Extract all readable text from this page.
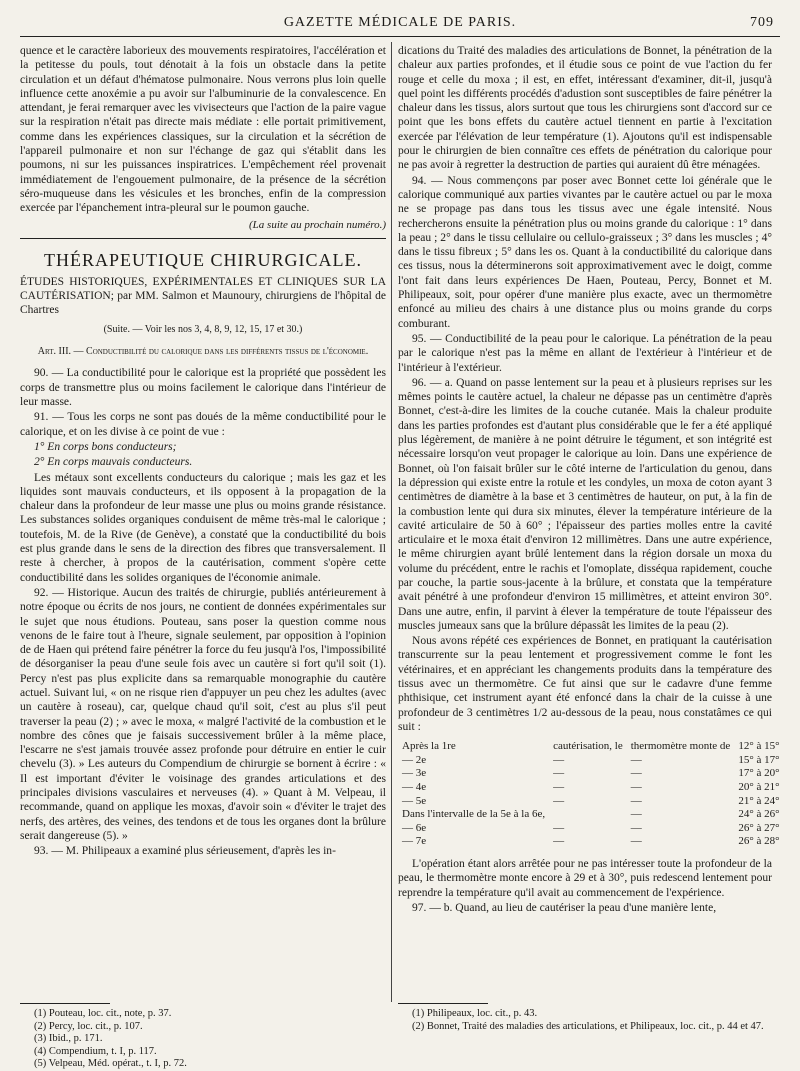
GAZETTE MÉDICALE DE PARIS.	709

quence et le caractère laborieux des mouvements respiratoires, l'accélération et la petitesse du pouls, tout dénotait à la fois un obstacle dans la petite circulation et un défaut d'hématose pulmonaire. Nous verrons plus loin quelle influence cette anoxémie a pu avoir sur l'albuminurie de la convalescence. En attendant, je ferai remarquer avec les vivisecteurs que l'action de la paire vague sur la respiration n'était pas directe mais médiate : elle portait primitivement, comme dans les expériences classiques, sur la circulation et la sécrétion de l'appareil pulmonaire et non sur l'échange de gaz qui s'établit dans les poumons, ni sur les puissances inspiratrices. L'empêchement réel provenait immédiatement de l'engouement pulmonaire, de la présence de la sécrétion séro-muqueuse dans les vésicules et les bronches, enfin de la compression exercée par l'épanchement intra-pleural sur le poumon gauche.

(La suite au prochain numéro.)
THÉRAPEUTIQUE CHIRURGICALE.
ÉTUDES HISTORIQUES, EXPÉRIMENTALES ET CLINIQUES SUR LA CAUTÉRISATION; par MM. Salmon et Maunoury, chirurgiens de l'hôpital de Chartres
(Suite. — Voir les nos 3, 4, 8, 9, 12, 15, 17 et 30.)
Art. III. — Conductibilité du calorique dans les différents tissus de l'économie.

90. — La conductibilité pour le calorique est la propriété que possèdent les corps de transmettre plus ou moins facilement le calorique dans l'intérieur de leur masse.

91. — Tous les corps ne sont pas doués de la même conductibilité pour le calorique, et on les divise à ce point de vue :

1° En corps bons conducteurs;

2° En corps mauvais conducteurs.

Les métaux sont excellents conducteurs du calorique ; mais les gaz et les liquides sont mauvais conducteurs, et ils opposent à la propagation de la chaleur dans la profondeur de leur masse une plus ou moins grande résistance. Les substances solides organiques conduisent de même très-mal le calorique ; toutefois, M. de la Rive (de Genève), a constaté que la conductibilité du bois est plus grande dans le sens de la direction des fibres que transversalement. Il reste à chercher, à propos de la cautérisation, comment s'opère cette conductibilité dans les solides organiques de l'économie animale.

92. — Historique. Aucun des traités de chirurgie, publiés antérieurement à notre époque ou écrits de nos jours, ne contient de données expérimentales sur le sujet que nous étudions. Pouteau, sans poser la question comme nous venons de le faire tout à l'heure, signale seulement, par opposition à l'opinion de de Haen qui prétend faire pénétrer la force du feu jusqu'à l'os, l'impossibilité de désorganiser la peau d'une seule fois avec un cautère si fort qu'il soit (1). Percy n'est pas plus explicite dans sa remarquable monographie du cautère actuel. Suivant lui, « on ne risque rien d'appuyer un peu chez les adultes (avec un cautère à roseau), car, quelque chaud qu'il soit, c'est au plus s'il peut traverser la peau (2) ; » avec le moxa, « malgré l'activité de la combustion et le nombre des cônes que je faisais successivement brûler à la même place, l'escarre ne s'est jamais trouvée assez profonde pour détruire en entier le cuir chevelu (3). » Les auteurs du Compendium de chirurgie se bornent à écrire : « Il est important d'éviter le voisinage des grandes articulations et des principales divisions vasculaires et nerveuses (4). » Quant à M. Velpeau, il recommande, quand on applique les moxas, d'avoir soin « d'éviter le trajet des nerfs, des artères, des veines, des tendons et de tous les organes dont la brûlure serait dangereuse (5). »

93. — M. Philipeaux a examiné plus sérieusement, d'après les in-

dications du Traité des maladies des articulations de Bonnet, la pénétration de la chaleur aux parties profondes, et il étudie sous ce point de vue l'action du fer rouge et celle du moxa ; il est, en effet, intéressant d'examiner, dit-il, jusqu'à quel point les différents procédés d'adustion sont susceptibles de faire pénétrer la chaleur dans les tissus, alors surtout que tous les chirurgiens sont d'accord sur ce point que les bons effets du cautère actuel tiennent en partie à l'excitation exercée par l'élévation de leur température (1). Ajoutons qu'il est indispensable pour le chirurgien de bien connaître ces effets de pénétration du calorique pour ne pas avoir à regretter la destruction de parties qui auraient dû être ménagées.

94. — Nous commençons par poser avec Bonnet cette loi générale que le calorique communiqué aux parties vivantes par le cautère actuel ou par le moxa ne se propage pas dans tous les tissus avec une égale intensité. Nous rechercherons ensuite la pénétration plus ou moins grande du calorique : 1° dans la peau ; 2° dans le tissu cellulaire ou cellulo-graisseux ; 3° dans les muscles ; 4° dans le tissu fibreux ; 5° dans les os. Quant à la conductibilité du calorique dans ces tissus, nous la déterminerons soit approximativement avec le doigt, comme l'ont fait dans leurs expériences De Haen, Pouteau, Percy, Bonnet et M. Philipeaux, soit, pour opérer d'une manière plus exacte, avec un thermomètre enfoncé au milieu des chairs à une distance plus ou moins grande du corps comburant.

95. — Conductibilité de la peau pour le calorique. La pénétration de la peau par le calorique n'est pas la même en allant de l'extérieur à l'intérieur et de l'intérieur à l'extérieur.

96. — a. Quand on passe lentement sur la peau et à plusieurs reprises sur les mêmes points le cautère actuel, la chaleur ne dépasse pas un centimètre d'après Bonnet, c'est-à-dire les limites de la couche cutanée. Mais la chaleur produite dans les parties profondes est d'autant plus considérable que le fer a été appliqué plus légèrement, de manière à ne point détruire le tégument, et son intégrité est nécessaire lorsqu'on veut propager le calorique au loin. Dans une expérience de Bonnet, où l'on faisait brûler sur le côté interne de l'articulation du genou, dans la dépression qui existe entre la rotule et les condyles, un moxa de coton ayant 3 centimètres de diamètre à la base et 3 centimètres de hauteur, on put, à la fin de la combustion lente qui dura six minutes, élever la température intérieure de la cavité articulaire de 50 à 60° ; l'épaisseur des parties molles entre la cavité articulaire et le moxa était d'environ 12 millimètres. Dans une autre expérience, le même chirurgien ayant brûlé lentement dans la région dorsale un moxa du volume du précédent, entre le rachis et l'omoplate, disséqua rapidement, couche par couche, la partie sous-jacente à la brûlure, et constata que la température avait pénétré à une profondeur d'environ 15 millimètres, et atteint environ 30°. Dans une autre, enfin, il parvint à élever la température de toute l'épaisseur des muscles jumeaux sans que la brûlure dépassât les limites de la peau (2).

Nous avons répété ces expériences de Bonnet, en pratiquant la cautérisation transcurrente sur la peau lentement et progressivement comme le font les vétérinaires, et en appréciant les changements produits dans la température des tissus avec un thermomètre. Ce fut ainsi que sur le cadavre d'une femme phthisique, cet instrument ayant été enfoncé dans la chair de la cuisse à une profondeur de 3 centimètres 1/2 au-dessous de la peau, nous constatâmes ce qui suit :

Après la 1re	cautérisation, le	thermomètre monte de	12° à 15°
— 2e	—	—	15° à 17°
— 3e	—	—	17° à 20°
— 4e	—	—	20° à 21°
— 5e	—	—	21° à 24°
Dans l'intervalle de la 5e à la 6e,		—	24° à 26°
— 6e	—	—	26° à 27°
— 7e	—	—	26° à 28°

L'opération étant alors arrêtée pour ne pas intéresser toute la profondeur de la peau, le thermomètre monte encore à 29 et à 30°, puis redescend lentement pour reprendre la température qu'il avait au commencement de l'expérience.

97. — b. Quand, au lieu de cautériser la peau d'une manière lente,

(1) Pouteau, loc. cit., note, p. 37.

(2) Percy, loc. cit., p. 107.

(3) Ibid., p. 171.

(4) Compendium, t. I, p. 117.

(5) Velpeau, Méd. opérat., t. I, p. 72.

(1) Philipeaux, loc. cit., p. 43.

(2) Bonnet, Traité des maladies des articulations, et Philipeaux, loc. cit., p. 44 et 47.
